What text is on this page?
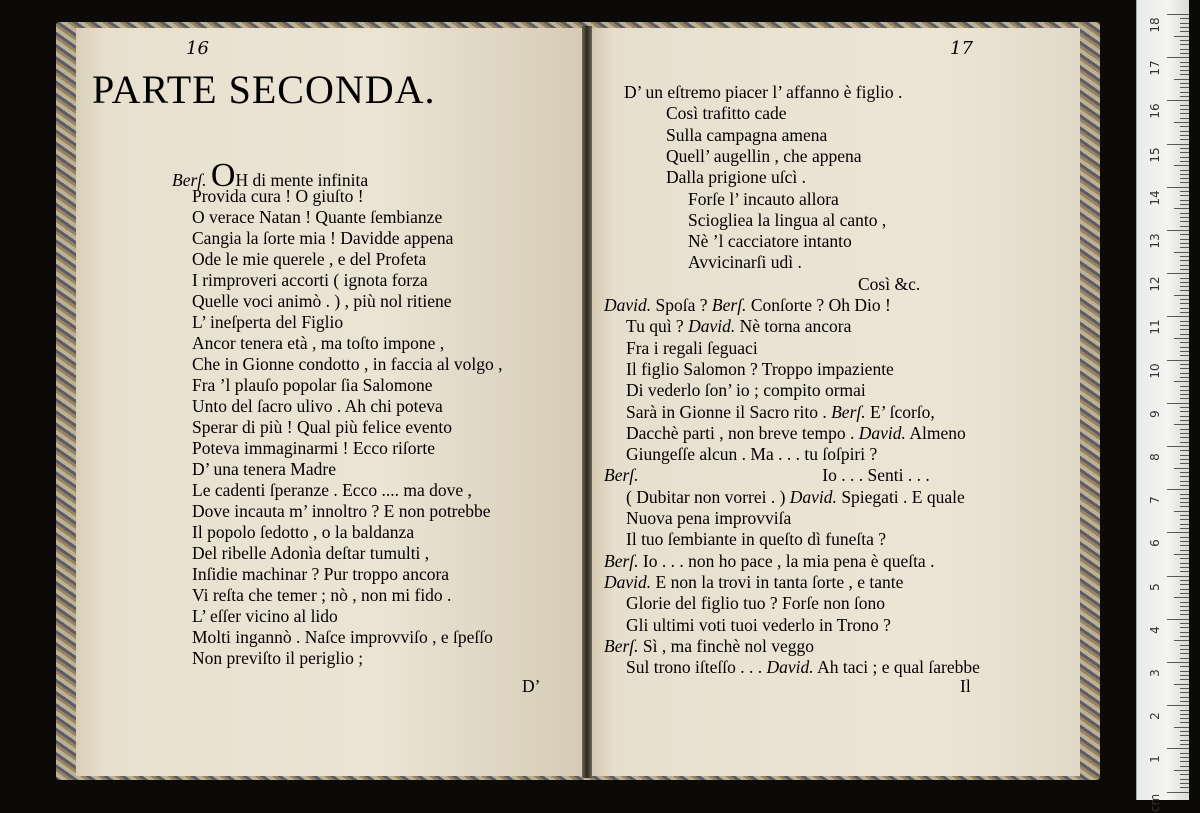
16	17
PARTE SECONDA.
Berſ. OH di mente infinita
Provida cura ! O giuſto !
O verace Natan ! Quante ſembianze
Cangia la ſorte mia ! Davidde appena
Ode le mie querele , e del Profeta
I rimproveri accorti ( ignota forza
Quelle voci animò . ) , più nol ritiene
L’ ineſperta del Figlio
Ancor tenera età , ma toſto impone ,
Che in Gionne condotto , in faccia al volgo ,
Fra ’l plauſo popolar ſia Salomone
Unto del ſacro ulivo . Ah chi poteva
Sperar di più ! Qual più felice evento
Poteva immaginarmi ! Ecco riſorte
D’ una tenera Madre
Le cadenti ſperanze . Ecco .... ma dove ,
Dove incauta m’ innoltro ? E non potrebbe
Il popolo ſedotto , o la baldanza
Del ribelle Adonìa deſtar tumulti ,
Inſidie machinar ? Pur troppo ancora
Vi reſta che temer ; nò , non mi fido .
L’ eſſer vicino al lido
Molti ingannò . Naſce improvviſo , e ſpeſſo
Non previſto il periglio ;
D’ un eſtremo piacer l’ affanno è figlio .
Così trafitto cade
Sulla campagna amena
Quell’ augellin , che appena
Dalla prigione uſcì .
Forſe l’ incauto allora
Sciogliea la lingua al canto ,
Nè ’l cacciatore intanto
Avvicinarſi udì .
Così &c.
David. Spoſa ? Berſ. Conſorte ? Oh Dio !
Tu quì ? David. Nè torna ancora
Fra i regali ſeguaci
Il figlio Salomon ? Troppo impaziente
Di vederlo ſon’ io ; compito ormai
Sarà in Gionne il Sacro rito . Berſ. E’ ſcorſo,
Dacchè parti , non breve tempo . David. Almeno
Giungeſſe alcun . Ma . . . tu ſoſpiri ?
Berſ.	Io . . . Senti . . .
( Dubitar non vorrei . ) David. Spiegati . E quale
Nuova pena improvviſa
Il tuo ſembiante in queſto dì funeſta ?
Berſ. Io . . . non ho pace , la mia pena è queſta .
David. E non la trovi in tanta ſorte , e tante
Glorie del figlio tuo ? Forſe non ſono
Gli ultimi voti tuoi vederlo in Trono ?
Berſ. Sì , ma finchè nol veggo
Sul trono iſteſſo . . . David. Ah taci ; e qual ſarebbe
D’	Il
18
17
16
15
14
13
12
11
10
9
8
7
6
5
4
3
2
1
cm
